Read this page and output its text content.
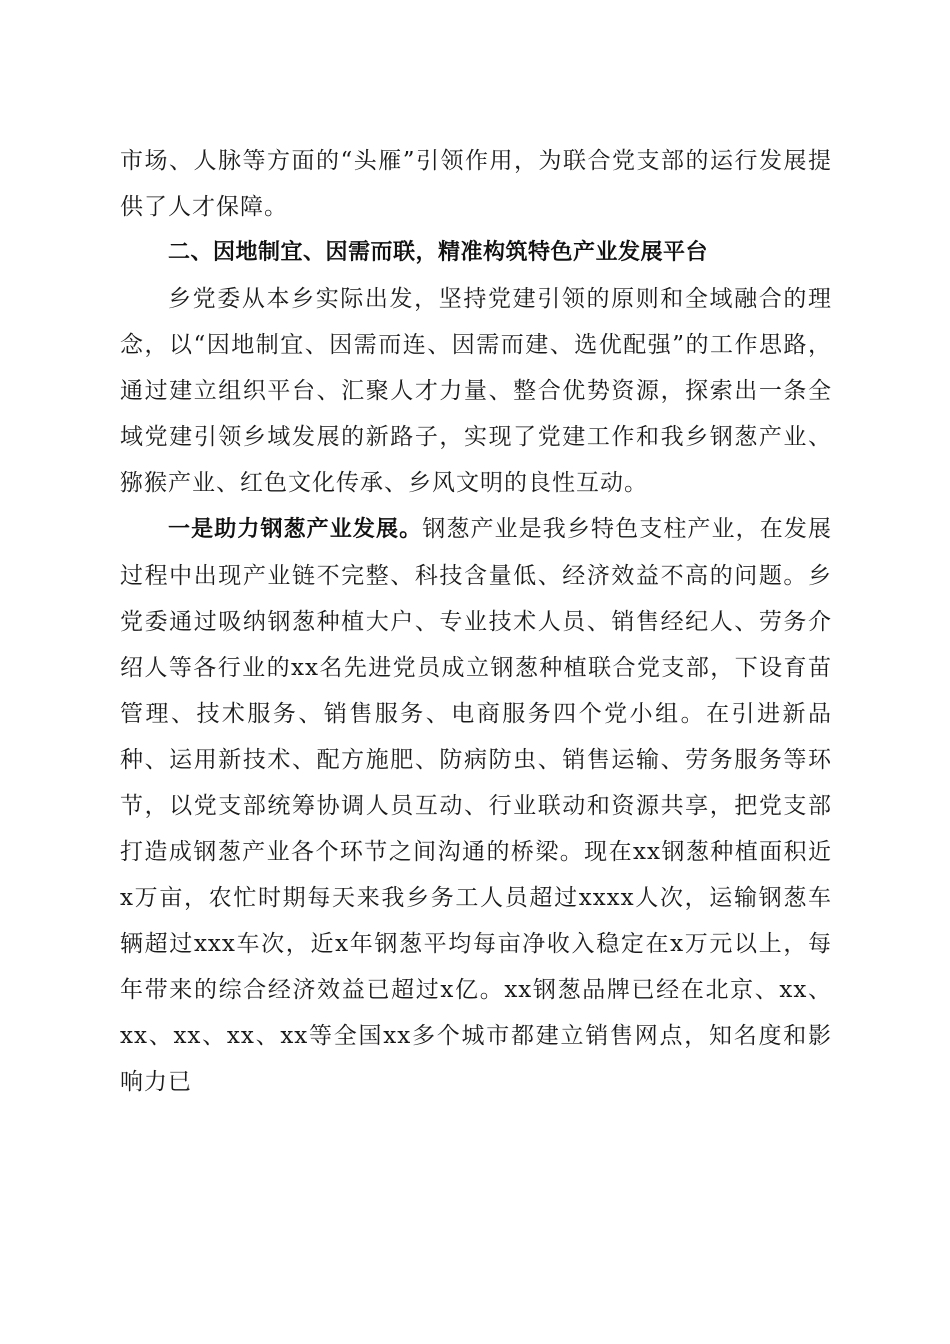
市场、人脉等方面的“头雁”引领作用，为联合党支部的运行发展提供了人才保障。

二、因地制宜、因需而联，精准构筑特色产业发展平台

乡党委从本乡实际出发，坚持党建引领的原则和全域融合的理念，以“因地制宜、因需而连、因需而建、选优配强”的工作思路，通过建立组织平台、汇聚人才力量、整合优势资源，探索出一条全域党建引领乡域发展的新路子，实现了党建工作和我乡钢葱产业、猕猴产业、红色文化传承、乡风文明的良性互动。

一是助力钢葱产业发展。钢葱产业是我乡特色支柱产业，在发展过程中出现产业链不完整、科技含量低、经济效益不高的问题。乡党委通过吸纳钢葱种植大户、专业技术人员、销售经纪人、劳务介绍人等各行业的xx名先进党员成立钢葱种植联合党支部，下设育苗管理、技术服务、销售服务、电商服务四个党小组。在引进新品种、运用新技术、配方施肥、防病防虫、销售运输、劳务服务等环节，以党支部统筹协调人员互动、行业联动和资源共享，把党支部打造成钢葱产业各个环节之间沟通的桥梁。现在xx钢葱种植面积近x万亩，农忙时期每天来我乡务工人员超过xxxx人次，运输钢葱车辆超过xxx车次，近x年钢葱平均每亩净收入稳定在x万元以上，每年带来的综合经济效益已超过x亿。xx钢葱品牌已经在北京、xx、xx、xx、xx、xx等全国xx多个城市都建立销售网点，知名度和影响力已
